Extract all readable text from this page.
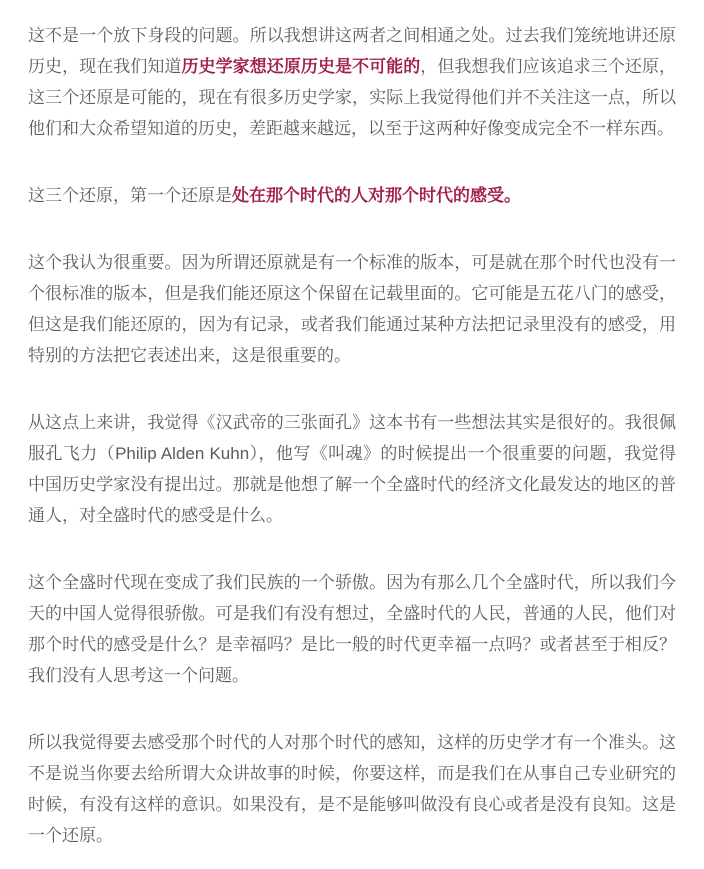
这不是一个放下身段的问题。所以我想讲这两者之间相通之处。过去我们笼统地讲还原历史，现在我们知道历史学家想还原历史是不可能的，但我想我们应该追求三个还原，这三个还原是可能的，现在有很多历史学家，实际上我觉得他们并不关注这一点，所以他们和大众希望知道的历史，差距越来越远，以至于这两种好像变成完全不一样东西。

这三个还原，第一个还原是处在那个时代的人对那个时代的感受。

这个我认为很重要。因为所谓还原就是有一个标准的版本，可是就在那个时代也没有一个很标准的版本，但是我们能还原这个保留在记载里面的。它可能是五花八门的感受，但这是我们能还原的，因为有记录，或者我们能通过某种方法把记录里没有的感受，用特别的方法把它表述出来，这是很重要的。

从这点上来讲，我觉得《汉武帝的三张面孔》这本书有一些想法其实是很好的。我很佩服孔飞力（Philip Alden Kuhn），他写《叫魂》的时候提出一个很重要的问题，我觉得中国历史学家没有提出过。那就是他想了解一个全盛时代的经济文化最发达的地区的普通人，对全盛时代的感受是什么。

这个全盛时代现在变成了我们民族的一个骄傲。因为有那么几个全盛时代，所以我们今天的中国人觉得很骄傲。可是我们有没有想过，全盛时代的人民，普通的人民，他们对那个时代的感受是什么？是幸福吗？是比一般的时代更幸福一点吗？或者甚至于相反？我们没有人思考这一个问题。

所以我觉得要去感受那个时代的人对那个时代的感知，这样的历史学才有一个准头。这不是说当你要去给所谓大众讲故事的时候，你要这样，而是我们在从事自己专业研究的时候，有没有这样的意识。如果没有，是不是能够叫做没有良心或者是没有良知。这是一个还原。
